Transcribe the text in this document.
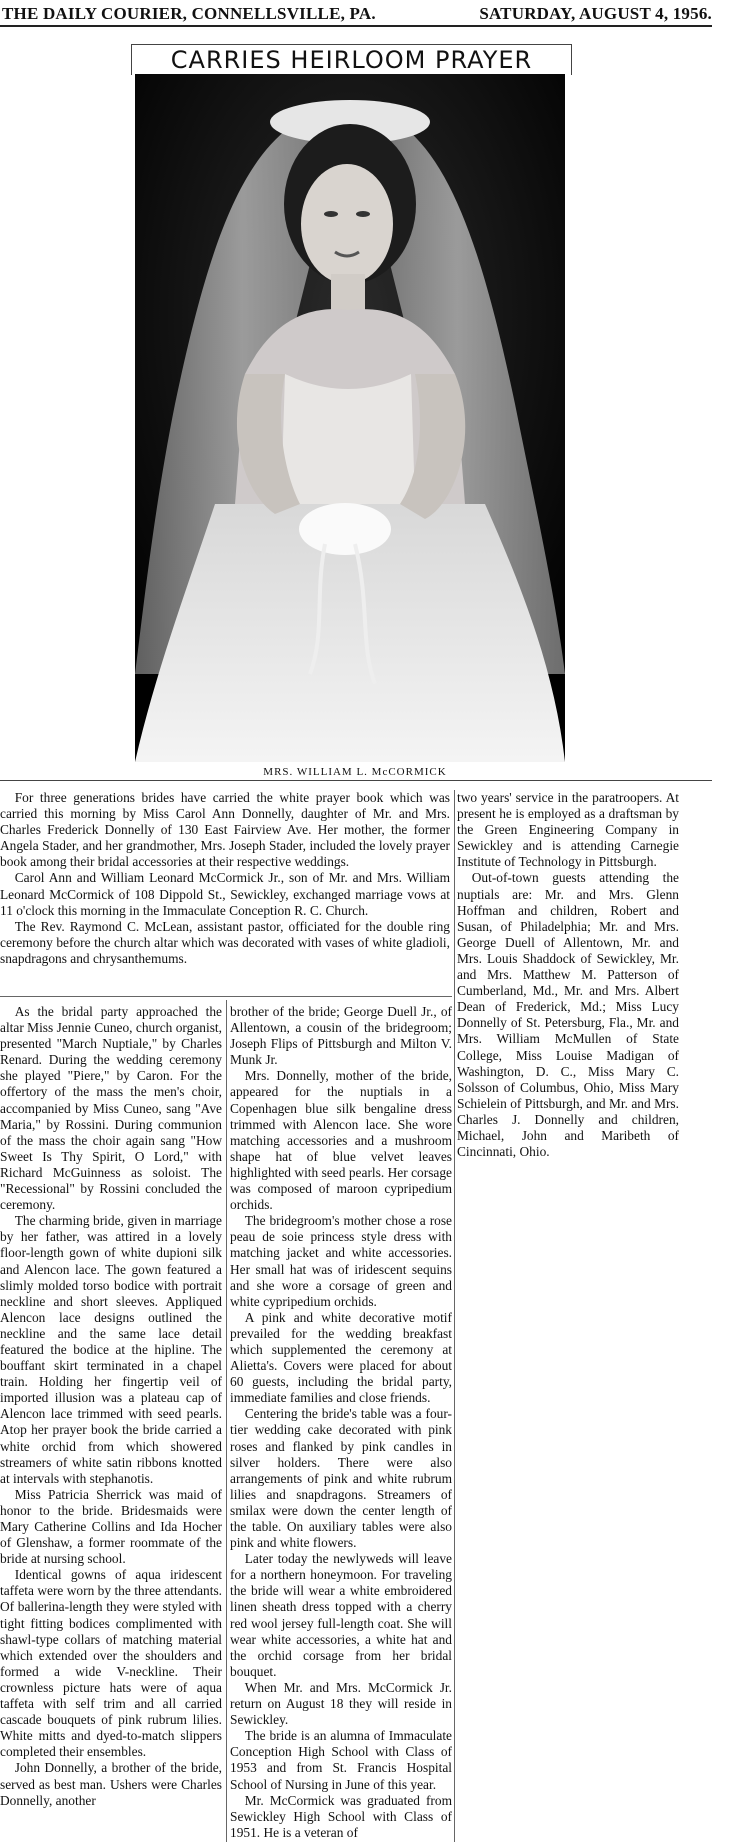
THE DAILY COURIER, CONNELLSVILLE, PA.	SATURDAY, AUGUST 4, 1956.
CARRIES HEIRLOOM PRAYER
MRS. WILLIAM L. McCORMICK

For three generations brides have carried the white prayer book which was carried this morning by Miss Carol Ann Donnelly, daughter of Mr. and Mrs. Charles Frederick Donnelly of 130 East Fairview Ave. Her mother, the former Angela Stader, and her grandmother, Mrs. Joseph Stader, included the lovely prayer book among their bridal accessories at their respective weddings.

Carol Ann and William Leonard McCormick Jr., son of Mr. and Mrs. William Leonard McCormick of 108 Dippold St., Sewickley, exchanged marriage vows at 11 o'clock this morning in the Immaculate Conception R. C. Church.

The Rev. Raymond C. McLean, assistant pastor, officiated for the double ring ceremony before the church altar which was decorated with vases of white gladioli, snapdragons and chrysanthemums.

As the bridal party approached the altar Miss Jennie Cuneo, church organist, presented "March Nuptiale," by Charles Renard. During the wedding ceremony she played "Piere," by Caron. For the offertory of the mass the men's choir, accompanied by Miss Cuneo, sang "Ave Maria," by Rossini. During communion of the mass the choir again sang "How Sweet Is Thy Spirit, O Lord," with Richard McGuinness as soloist. The "Recessional" by Rossini concluded the ceremony.

The charming bride, given in marriage by her father, was attired in a lovely floor-length gown of white dupioni silk and Alencon lace. The gown featured a slimly molded torso bodice with portrait neckline and short sleeves. Appliqued Alencon lace designs outlined the neckline and the same lace detail featured the bodice at the hipline. The bouffant skirt terminated in a chapel train. Holding her fingertip veil of imported illusion was a plateau cap of Alencon lace trimmed with seed pearls. Atop her prayer book the bride carried a white orchid from which showered streamers of white satin ribbons knotted at intervals with stephanotis.

Miss Patricia Sherrick was maid of honor to the bride. Bridesmaids were Mary Catherine Collins and Ida Hocher of Glenshaw, a former roommate of the bride at nursing school.

Identical gowns of aqua iridescent taffeta were worn by the three attendants. Of ballerina-length they were styled with tight fitting bodices complimented with shawl-type collars of matching material which extended over the shoulders and formed a wide V-neckline. Their crownless picture hats were of aqua taffeta with self trim and all carried cascade bouquets of pink rubrum lilies. White mitts and dyed-to-match slippers completed their ensembles.

John Donnelly, a brother of the bride, served as best man. Ushers were Charles Donnelly, another

brother of the bride; George Duell Jr., of Allentown, a cousin of the bridegroom; Joseph Flips of Pittsburgh and Milton V. Munk Jr.

Mrs. Donnelly, mother of the bride, appeared for the nuptials in a Copenhagen blue silk bengaline dress trimmed with Alencon lace. She wore matching accessories and a mushroom shape hat of blue velvet leaves highlighted with seed pearls. Her corsage was composed of maroon cypripedium orchids.

The bridegroom's mother chose a rose peau de soie princess style dress with matching jacket and white accessories. Her small hat was of iridescent sequins and she wore a corsage of green and white cypripedium orchids.

A pink and white decorative motif prevailed for the wedding breakfast which supplemented the ceremony at Alietta's. Covers were placed for about 60 guests, including the bridal party, immediate families and close friends.

Centering the bride's table was a four-tier wedding cake decorated with pink roses and flanked by pink candles in silver holders. There were also arrangements of pink and white rubrum lilies and snapdragons. Streamers of smilax were down the center length of the table. On auxiliary tables were also pink and white flowers.

Later today the newlyweds will leave for a northern honeymoon. For traveling the bride will wear a white embroidered linen sheath dress topped with a cherry red wool jersey full-length coat. She will wear white accessories, a white hat and the orchid corsage from her bridal bouquet.

When Mr. and Mrs. McCormick Jr. return on August 18 they will reside in Sewickley.

The bride is an alumna of Immaculate Conception High School with Class of 1953 and from St. Francis Hospital School of Nursing in June of this year.

Mr. McCormick was graduated from Sewickley High School with Class of 1951. He is a veteran of

two years' service in the paratroopers. At present he is employed as a draftsman by the Green Engineering Company in Sewickley and is attending Carnegie Institute of Technology in Pittsburgh.

Out-of-town guests attending the nuptials are: Mr. and Mrs. Glenn Hoffman and children, Robert and Susan, of Philadelphia; Mr. and Mrs. George Duell of Allentown, Mr. and Mrs. Louis Shaddock of Sewickley, Mr. and Mrs. Matthew M. Patterson of Cumberland, Md., Mr. and Mrs. Albert Dean of Frederick, Md.; Miss Lucy Donnelly of St. Petersburg, Fla., Mr. and Mrs. William McMullen of State College, Miss Louise Madigan of Washington, D. C., Miss Mary C. Solsson of Columbus, Ohio, Miss Mary Schielein of Pittsburgh, and Mr. and Mrs. Charles J. Donnelly and children, Michael, John and Maribeth of Cincinnati, Ohio.
